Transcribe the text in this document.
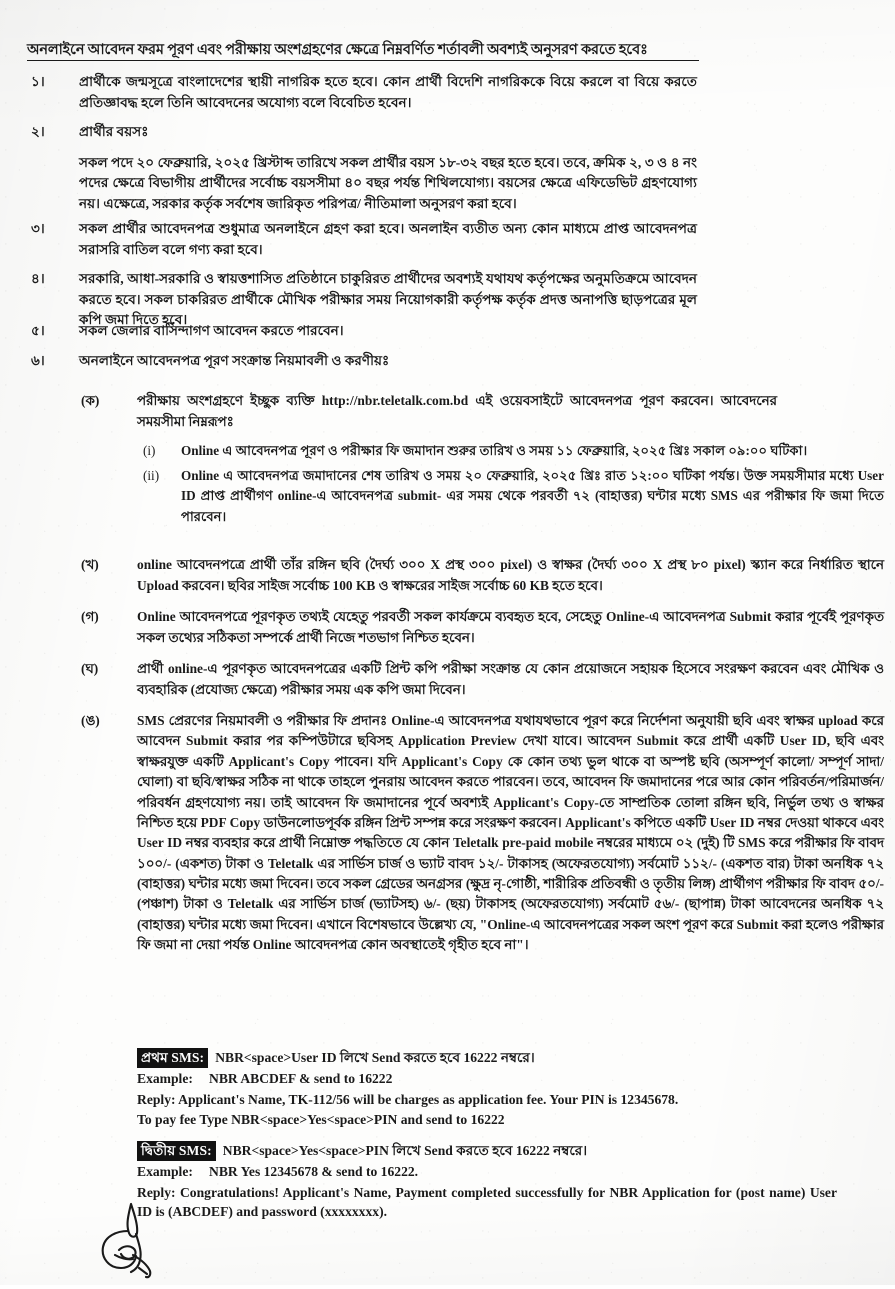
অনলাইনে আবেদন ফরম পূরণ এবং পরীক্ষায় অংশগ্রহণের ক্ষেত্রে নিম্নবর্ণিত শর্তাবলী অবশ্যই অনুসরণ করতে হবেঃ
১।	প্রার্থীকে জন্মসূত্রে বাংলাদেশের স্থায়ী নাগরিক হতে হবে। কোন প্রার্থী বিদেশি নাগরিককে বিয়ে করলে বা বিয়ে করতে প্রতিজ্ঞাবদ্ধ হলে তিনি আবেদনের অযোগ্য বলে বিবেচিত হবেন।

২।	প্রার্থীর বয়সঃ

সকল পদে ২০ ফেব্রুয়ারি, ২০২৫ খ্রিস্টাব্দ তারিখে সকল প্রার্থীর বয়স ১৮-৩২ বছর হতে হবে। তবে, ক্রমিক ২, ৩ ও ৪ নং পদের ক্ষেত্রে বিভাগীয় প্রার্থীদের সর্বোচ্চ বয়সসীমা ৪০ বছর পর্যন্ত শিথিলযোগ্য। বয়সের ক্ষেত্রে এফিডেভিট গ্রহণযোগ্য নয়। এক্ষেত্রে, সরকার কর্তৃক সর্বশেষ জারিকৃত পরিপত্র/ নীতিমালা অনুসরণ করা হবে।

৩।	সকল প্রার্থীর আবেদনপত্র শুধুমাত্র অনলাইনে গ্রহণ করা হবে। অনলাইন ব্যতীত অন্য কোন মাধ্যমে প্রাপ্ত আবেদনপত্র সরাসরি বাতিল বলে গণ্য করা হবে।

৪।	সরকারি, আধা-সরকারি ও স্বায়ত্তশাসিত প্রতিষ্ঠানে চাকুরিরত প্রার্থীদের অবশ্যই যথাযথ কর্তৃপক্ষের অনুমতিক্রমে আবেদন করতে হবে। সকল চাকরিরত প্রার্থীকে মৌখিক পরীক্ষার সময় নিয়োগকারী কর্তৃপক্ষ কর্তৃক প্রদত্ত অনাপত্তি ছাড়পত্রের মূল কপি জমা দিতে হবে।

৫।	সকল জেলার বাসিন্দাগণ আবেদন করতে পারবেন।

৬।	অনলাইনে আবেদনপত্র পূরণ সংক্রান্ত নিয়মাবলী ও করণীয়ঃ

(ক)	পরীক্ষায় অংশগ্রহণে ইচ্ছুক ব্যক্তি http://nbr.teletalk.com.bd এই ওয়েবসাইটে আবেদনপত্র পূরণ করবেন। আবেদনের সময়সীমা নিম্নরূপঃ

(i)	Online এ আবেদনপত্র পূরণ ও পরীক্ষার ফি জমাদান শুরুর তারিখ ও সময় ১১ ফেব্রুয়ারি, ২০২৫ খ্রিঃ সকাল ০৯:০০ ঘটিকা।
(ii)	Online এ আবেদনপত্র জমাদানের শেষ তারিখ ও সময় ২০ ফেব্রুয়ারি, ২০২৫ খ্রিঃ রাত ১২:০০ ঘটিকা পর্যন্ত। উক্ত সময়সীমার মধ্যে User ID প্রাপ্ত প্রার্থীগণ online-এ আবেদনপত্র submit- এর সময় থেকে পরবর্তী ৭২ (বাহাত্তর) ঘন্টার মধ্যে SMS এর পরীক্ষার ফি জমা দিতে পারবেন।
(খ)	online আবেদনপত্রে প্রার্থী তাঁর রঙ্গিন ছবি (দৈর্ঘ্য ৩০০ X প্রস্থ ৩০০ pixel) ও স্বাক্ষর (দৈর্ঘ্য ৩০০ X প্রস্থ ৮০ pixel) স্ক্যান করে নির্ধারিত স্থানে Upload করবেন। ছবির সাইজ সর্বোচ্চ 100 KB ও স্বাক্ষরের সাইজ সর্বোচ্চ 60 KB হতে হবে।

(গ)	Online আবেদনপত্রে পূরণকৃত তথ্যই যেহেতু পরবর্তী সকল কার্যক্রমে ব্যবহৃত হবে, সেহেতু Online-এ আবেদনপত্র Submit করার পূর্বেই পূরণকৃত সকল তথ্যের সঠিকতা সম্পর্কে প্রার্থী নিজে শতভাগ নিশ্চিত হবেন।

(ঘ)	প্রার্থী online-এ পূরণকৃত আবেদনপত্রের একটি প্রিন্ট কপি পরীক্ষা সংক্রান্ত যে কোন প্রয়োজনে সহায়ক হিসেবে সংরক্ষণ করবেন এবং মৌখিক ও ব্যবহারিক (প্রযোজ্য ক্ষেত্রে) পরীক্ষার সময় এক কপি জমা দিবেন।

(ঙ)	SMS প্রেরণের নিয়মাবলী ও পরীক্ষার ফি প্রদানঃ Online-এ আবেদনপত্র যথাযথভাবে পূরণ করে নির্দেশনা অনুযায়ী ছবি এবং স্বাক্ষর upload করে আবেদন Submit করার পর কম্পিউটারে ছবিসহ Application Preview দেখা যাবে। আবেদন Submit করে প্রার্থী একটি User ID, ছবি এবং স্বাক্ষরযুক্ত একটি Applicant's Copy পাবেন। যদি Applicant's Copy কে কোন তথ্য ভুল থাকে বা অস্পষ্ট ছবি (অসম্পূর্ণ কালো/ সম্পূর্ণ সাদা/ঘোলা) বা ছবি/স্বাক্ষর সঠিক না থাকে তাহলে পুনরায় আবেদন করতে পারবেন। তবে, আবেদন ফি জমাদানের পরে আর কোন পরিবর্তন/পরিমার্জন/পরিবর্ধন গ্রহণযোগ্য নয়। তাই আবেদন ফি জমাদানের পূর্বে অবশ্যই Applicant's Copy-তে সাম্প্রতিক তোলা রঙ্গিন ছবি, নির্ভুল তথ্য ও স্বাক্ষর নিশ্চিত হয়ে PDF Copy ডাউনলোডপূর্বক রঙ্গিন প্রিন্ট সম্পন্ন করে সংরক্ষণ করবেন। Applicant's কপিতে একটি User ID নম্বর দেওয়া থাকবে এবং User ID নম্বর ব্যবহার করে প্রার্থী নিম্নোক্ত পদ্ধতিতে যে কোন Teletalk pre-paid mobile নম্বরের মাধ্যমে ০২ (দুই) টি SMS করে পরীক্ষার ফি বাবদ ১০০/- (একশত) টাকা ও Teletalk এর সার্ভিস চার্জ ও ভ্যাট বাবদ ১২/- টাকাসহ (অফেরতযোগ্য) সর্বমোট ১১২/- (একশত বার) টাকা অনধিক ৭২ (বাহাত্তর) ঘন্টার মধ্যে জমা দিবেন। তবে সকল গ্রেডের অনগ্রসর (ক্ষুদ্র নৃ-গোষ্ঠী, শারীরিক প্রতিবন্ধী ও তৃতীয় লিঙ্গ) প্রার্থীগণ পরীক্ষার ফি বাবদ ৫০/- (পঞ্চাশ) টাকা ও Teletalk এর সার্ভিস চার্জ (ভ্যাটসহ) ৬/- (ছয়) টাকাসহ (অফেরতযোগ্য) সর্বমোট ৫৬/- (ছাপান্ন) টাকা আবেদনের অনধিক ৭২ (বাহাত্তর) ঘন্টার মধ্যে জমা দিবেন। এখানে বিশেষভাবে উল্লেখ্য যে, "Online-এ আবেদনপত্রের সকল অংশ পূরণ করে Submit করা হলেও পরীক্ষার ফি জমা না দেয়া পর্যন্ত Online আবেদনপত্র কোন অবস্থাতেই গৃহীত হবে না"।

প্রথম SMS: NBR<space>User ID লিখে Send করতে হবে 16222 নম্বরে।
Example: NBR ABCDEF & send to 16222
Reply: Applicant's Name, TK-112/56 will be charges as application fee. Your PIN is 12345678.
To pay fee Type NBR<space>Yes<space>PIN and send to 16222
দ্বিতীয় SMS: NBR<space>Yes<space>PIN লিখে Send করতে হবে 16222 নম্বরে।
Example: NBR Yes 12345678 & send to 16222.
Reply: Congratulations! Applicant's Name, Payment completed successfully for NBR Application for (post name) User ID is (ABCDEF) and password (xxxxxxxx).
